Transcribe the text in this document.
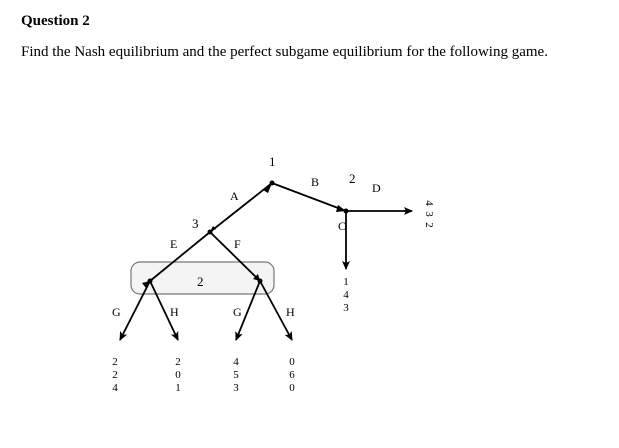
Question 2

Find the Nash equilibrium and the perfect subgame equilibrium for the following game.

1
2
3
2
A
B	D
C
E	F
G	H	G	H
4
3
2
1
4
3
2
2
4
2
0
1
4
5
3
0
6
0
